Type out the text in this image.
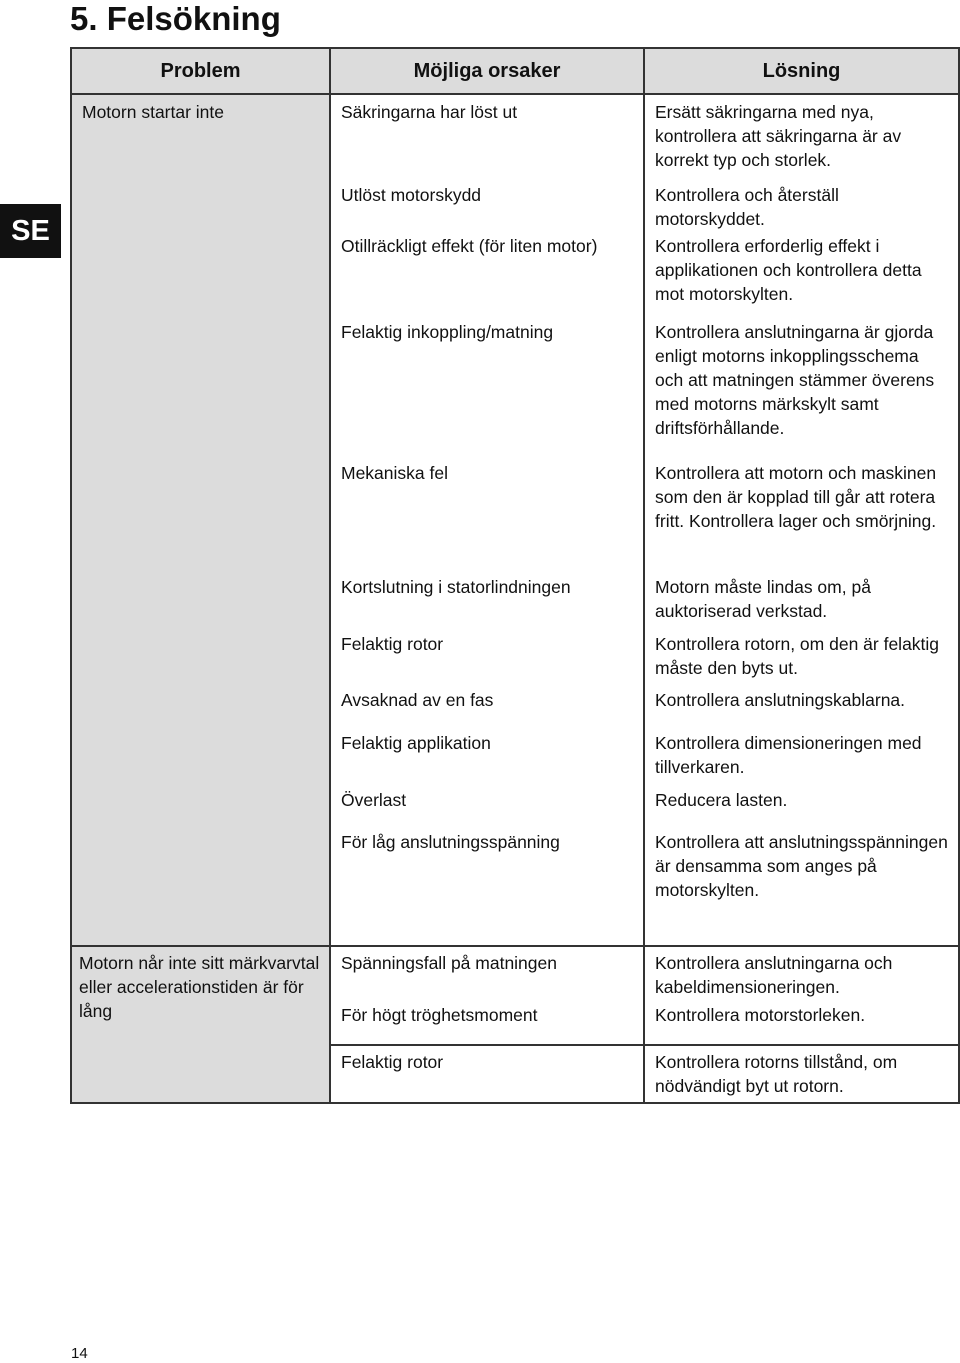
5. Felsökning
SE
Problem	Möjliga orsaker	Lösning
Motorn startar inte	Säkringarna har löst ut	Ersätt säkringarna med nya, kontrollera att säkringarna är av korrekt typ och storlek.
	Utlöst motorskydd	Kontrollera och återställ motorskyddet.
	Otillräckligt effekt (för liten motor)	Kontrollera erforderlig effekt i applikationen och kontrollera detta mot motorskylten.
	Felaktig inkoppling/matning	Kontrollera anslutningarna är gjorda enligt motorns inkopplingsschema och att matningen stämmer överens med motorns märkskylt samt driftsförhållande.
	Mekaniska fel	Kontrollera att motorn och maskinen som den är kopplad till går att rotera fritt. Kontrollera lager och smörjning.
	Kortslutning i statorlindningen	Motorn måste lindas om, på auktoriserad verkstad.
	Felaktig rotor	Kontrollera rotorn, om den är felaktig måste den byts ut.
	Avsaknad av en fas	Kontrollera anslutningskablarna.
	Felaktig applikation	Kontrollera dimensioneringen med tillverkaren.
	Överlast	Reducera lasten.
	För låg anslutningsspänning	Kontrollera att anslutningsspänningen är densamma som anges på motorskylten.
Motorn når inte sitt märkvarvtal eller accelerationstiden är för lång	Spänningsfall på matningen	Kontrollera anslutningarna och kabeldimensioneringen.
	För högt tröghetsmoment	Kontrollera motorstorleken.
	Felaktig rotor	Kontrollera rotorns tillstånd, om nödvändigt byt ut rotorn.
14
